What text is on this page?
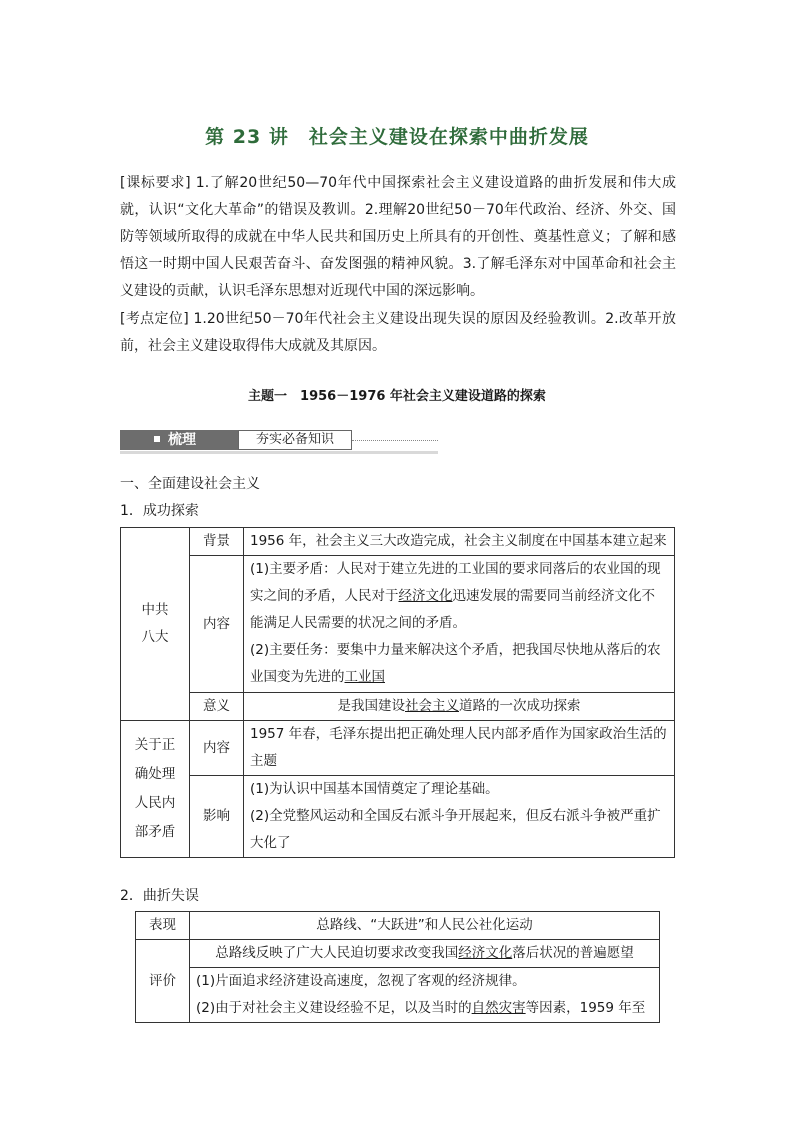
第 23 讲　社会主义建设在探索中曲折发展
[课标要求] 1.了解20世纪50—70年代中国探索社会主义建设道路的曲折发展和伟大成就，认识“文化大革命”的错误及教训。2.理解20世纪50－70年代政治、经济、外交、国防等领域所取得的成就在中华人民共和国历史上所具有的开创性、奠基性意义；了解和感悟这一时期中国人民艰苦奋斗、奋发图强的精神风貌。3.了解毛泽东对中国革命和社会主义建设的贡献，认识毛泽东思想对近现代中国的深远影响。
[考点定位] 1.20世纪50－70年代社会主义建设出现失误的原因及经验教训。2.改革开放前，社会主义建设取得伟大成就及其原因。
主题一　1956－1976 年社会主义建设道路的探索
梳理	夯实必备知识
一、全面建设社会主义
1．成功探索
中共八大	背景	1956 年，社会主义三大改造完成，社会主义制度在中国基本建立起来
	内容	(1)主要矛盾：人民对于建立先进的工业国的要求同落后的农业国的现实之间的矛盾，人民对于经济文化迅速发展的需要同当前经济文化不能满足人民需要的状况之间的矛盾。
(2)主要任务：要集中力量来解决这个矛盾，把我国尽快地从落后的农业国变为先进的工业国

	意义	是我国建设社会主义道路的一次成功探索

关于正确处理人民内部矛盾	内容	1957 年春，毛泽东提出把正确处理人民内部矛盾作为国家政治生活的主题
	影响	(1)为认识中国基本国情奠定了理论基础。
(2)全党整风运动和全国反右派斗争开展起来，但反右派斗争被严重扩大化了
2．曲折失误
表现	总路线、“大跃进”和人民公社化运动
评价	总路线反映了广大人民迫切要求改变我国经济文化落后状况的普遍愿望
(1)片面追求经济建设高速度，忽视了客观的经济规律。
(2)由于对社会主义建设经验不足，以及当时的自然灾害等因素，1959 年至
